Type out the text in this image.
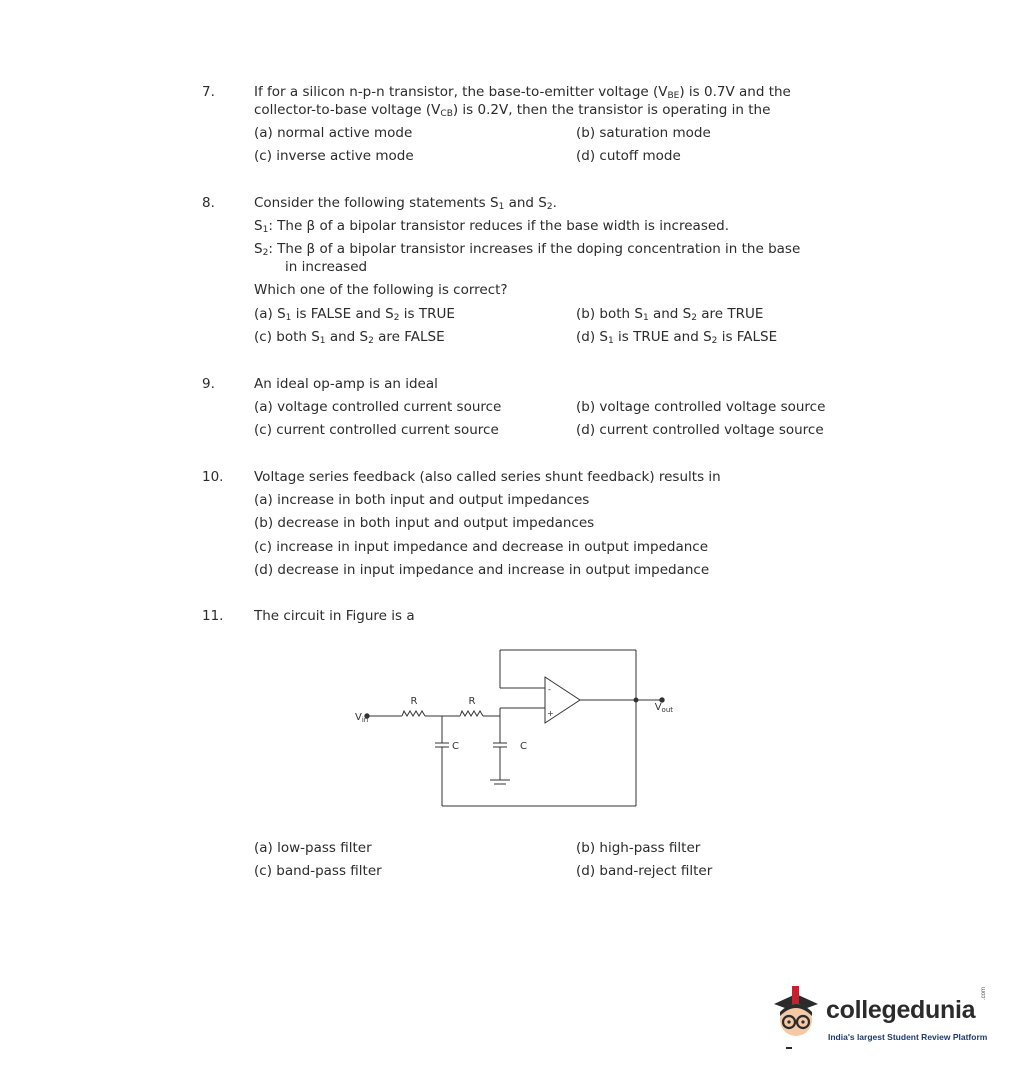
7.	If for a silicon n-p-n transistor, the base-to-emitter voltage $(V_{BE})$ is 0.7V and the
collector-to-base voltage $(V_{CB})$ is 0.2V, then the transistor is operating in the
(a) normal active mode	(b) saturation mode
(c) inverse active mode	(d) cutoff mode
8.	Consider the following statements $S_1$ and $S_2$.
$S_1$: The β of a bipolar transistor reduces if the base width is increased.
$S_2$: The β of a bipolar transistor increases if the doping concentration in the base
in increased
Which one of the following is correct?
(a) $S_1$ is FALSE and $S_2$ is TRUE	(b) both $S_1$ and $S_2$ are TRUE
(c) both $S_1$ and $S_2$ are FALSE	(d) $S_1$ is TRUE and $S_2$ is FALSE
9.	An ideal op-amp is an ideal
(a) voltage controlled current source	(b) voltage controlled voltage source
(c) current controlled current source	(d) current controlled voltage source
10. Voltage series feedback (also called series shunt feedback) results in
(a) increase in both input and output impedances
(b) decrease in both input and output impedances
(c) increase in input impedance and decrease in output impedance
(d) decrease in input impedance and increase in output impedance
11. The circuit in Figure is a
$V_{in}$
$V_{out}$
R	R
C	C
-
+
(a) low-pass filter	(b) high-pass filter
(c) band-pass filter	(d) band-reject filter
collegedunia
.com
India's largest Student Review Platform
